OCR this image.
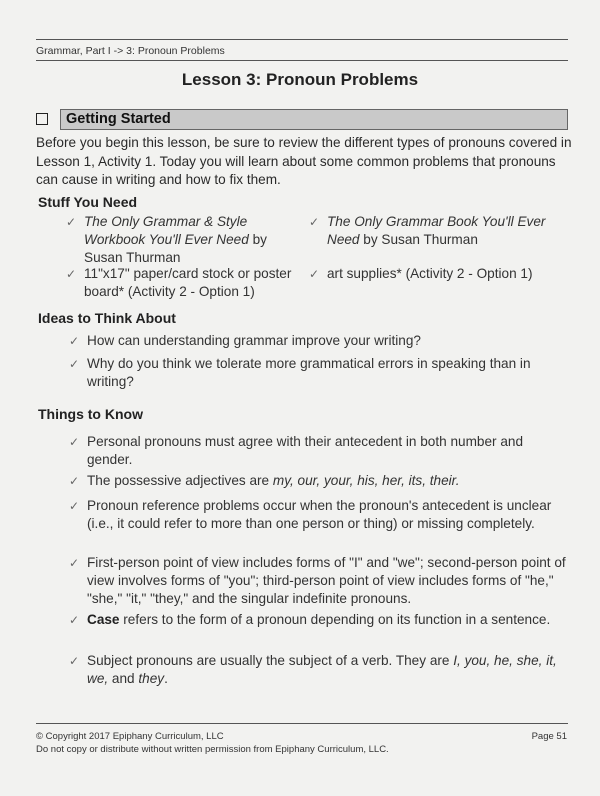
Grammar, Part I -> 3: Pronoun Problems
Lesson 3: Pronoun Problems
Getting Started
Before you begin this lesson, be sure to review the different types of pronouns covered in Lesson 1, Activity 1. Today you will learn about some common problems that pronouns can cause in writing and how to fix them.
Stuff You Need
✓ The Only Grammar & Style Workbook You'll Ever Need by Susan Thurman
✓ The Only Grammar Book You'll Ever Need by Susan Thurman
✓ 11"x17" paper/card stock or poster board* (Activity 2 - Option 1)
✓ art supplies* (Activity 2 - Option 1)
Ideas to Think About
✓ How can understanding grammar improve your writing?
✓ Why do you think we tolerate more grammatical errors in speaking than in writing?
Things to Know
✓ Personal pronouns must agree with their antecedent in both number and gender.
✓ The possessive adjectives are my, our, your, his, her, its, their.
✓ Pronoun reference problems occur when the pronoun's antecedent is unclear (i.e., it could refer to more than one person or thing) or missing completely.
✓ First-person point of view includes forms of "I" and "we"; second-person point of view involves forms of "you"; third-person point of view includes forms of "he," "she," "it," "they," and the singular indefinite pronouns.
✓ Case refers to the form of a pronoun depending on its function in a sentence.
✓ Subject pronouns are usually the subject of a verb. They are I, you, he, she, it, we, and they.
© Copyright 2017 Epiphany Curriculum, LLC
Do not copy or distribute without written permission from Epiphany Curriculum, LLC.
Page 51
